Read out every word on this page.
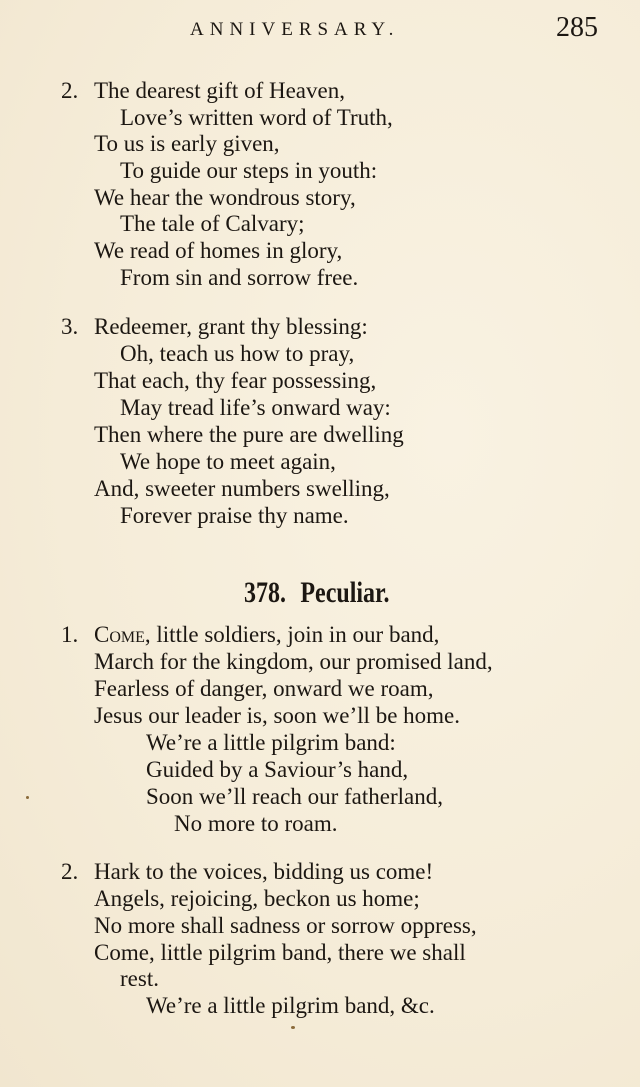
ANNIVERSARY.	285
2. The dearest gift of Heaven,
Love’s written word of Truth,
To us is early given,
To guide our steps in youth:
We hear the wondrous story,
The tale of Calvary;
We read of homes in glory,
From sin and sorrow free.
3. Redeemer, grant thy blessing:
Oh, teach us how to pray,
That each, thy fear possessing,
May tread life’s onward way:
Then where the pure are dwelling
We hope to meet again,
And, sweeter numbers swelling,
Forever praise thy name.
378. Peculiar.
1. Come, little soldiers, join in our band,
March for the kingdom, our promised land,
Fearless of danger, onward we roam,
Jesus our leader is, soon we’ll be home.
We’re a little pilgrim band:
Guided by a Saviour’s hand,
Soon we’ll reach our fatherland,
No more to roam.
2. Hark to the voices, bidding us come!
Angels, rejoicing, beckon us home;
No more shall sadness or sorrow oppress,
Come, little pilgrim band, there we shall
rest.
We’re a little pilgrim band, &c.
